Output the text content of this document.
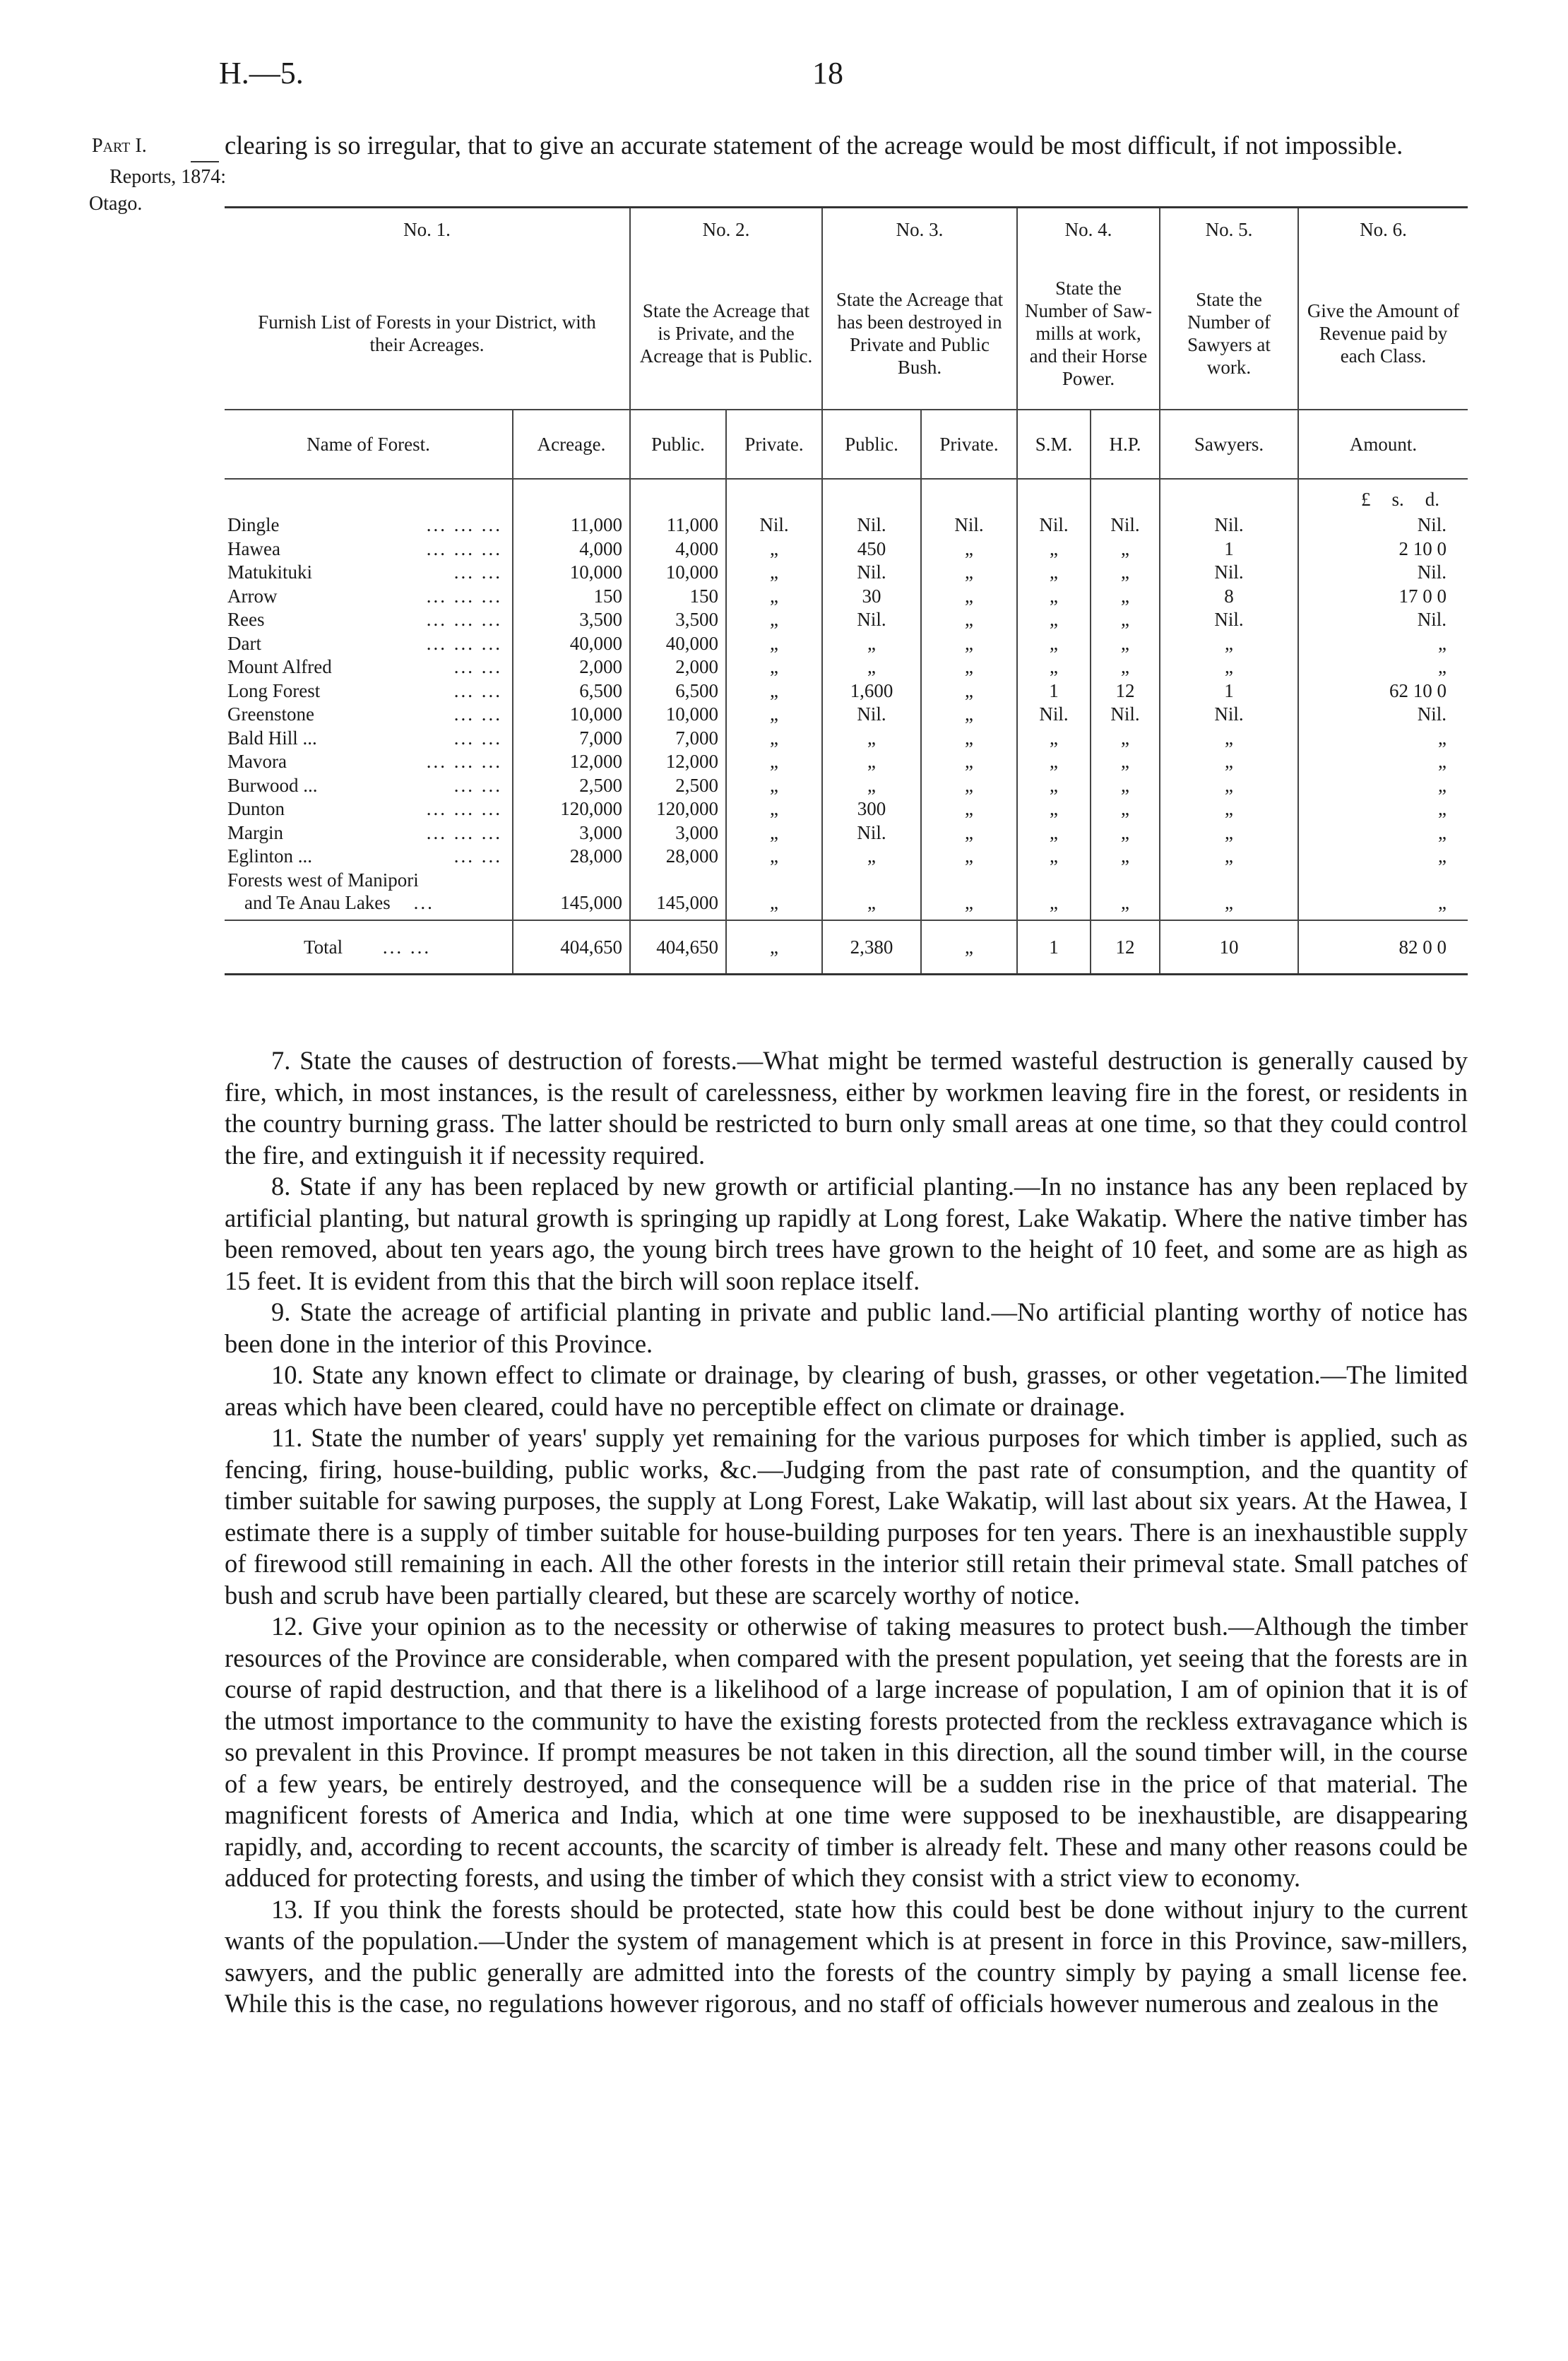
H.—5.	18
Part I.
Reports, 1874:
Otago.

clearing is so irregular, that to give an accurate statement of the acreage would be most difficult, if not impossible.

No. 1.		No. 2.		No. 3.		No. 4.		No. 5.	No. 6.
Furnish List of Forests in your District, with their Acreages.		State the Acreage that is Private, and the Acreage that is Public.		State the Acreage that has been destroyed in Private and Public Bush.		State the Number of Saw-mills at work, and their Horse Power.		State the Number of Sawyers at work.	Give the Amount of Revenue paid by each Class.
Name of Forest.	Acreage.	Public.	Private.	Public.	Private.	S.M.	H.P.	Sawyers.	Amount.

									£ s. d.

Dingle ... ... ...	11,000	11,000	Nil.	Nil.	Nil.	Nil.	Nil.	Nil.	Nil.
Hawea ... ... ...	4,000	4,000	„	450	„	„	„	1	2 10 0
Matukituki ... ...	10,000	10,000	„	Nil.	„	„	„	Nil.	Nil.
Arrow ... ... ...	150	150	„	30	„	„	„	8	17 0 0
Rees ... ... ...	3,500	3,500	„	Nil.	„	„	„	Nil.	Nil.
Dart ... ... ...	40,000	40,000	„	„	„	„	„	„	„
Mount Alfred ... ...	2,000	2,000	„	„	„	„	„	„	„
Long Forest ... ...	6,500	6,500	„	1,600	„	1	12	1	62 10 0
Greenstone ... ...	10,000	10,000	„	Nil.	„	Nil.	Nil.	Nil.	Nil.
Bald Hill ... ... ...	7,000	7,000	„	„	„	„	„	„	„
Mavora ... ... ...	12,000	12,000	„	„	„	„	„	„	„
Burwood ... ... ...	2,500	2,500	„	„	„	„	„	„	„
Dunton ... ... ...	120,000	120,000	„	300	„	„	„	„	„
Margin ... ... ...	3,000	3,000	„	Nil.	„	„	„	„	„
Eglinton ... ... ...	28,000	28,000	„	„	„	„	„	„	„
Forests west of Manipori
and Te Anau Lakes ...	145,000	145,000	„	„	„	„	„	„	„
Total ... ...	404,650	404,650	„	2,380	„	1	12	10	82 0 0

7. State the causes of destruction of forests.—What might be termed wasteful destruction is generally caused by fire, which, in most instances, is the result of carelessness, either by workmen leaving fire in the forest, or residents in the country burning grass. The latter should be restricted to burn only small areas at one time, so that they could control the fire, and extinguish it if necessity required.

8. State if any has been replaced by new growth or artificial planting.—In no instance has any been replaced by artificial planting, but natural growth is springing up rapidly at Long forest, Lake Wakatip. Where the native timber has been removed, about ten years ago, the young birch trees have grown to the height of 10 feet, and some are as high as 15 feet. It is evident from this that the birch will soon replace itself.

9. State the acreage of artificial planting in private and public land.—No artificial planting worthy of notice has been done in the interior of this Province.

10. State any known effect to climate or drainage, by clearing of bush, grasses, or other vegetation.—The limited areas which have been cleared, could have no perceptible effect on climate or drainage.

11. State the number of years' supply yet remaining for the various purposes for which timber is applied, such as fencing, firing, house-building, public works, &c.—Judging from the past rate of consumption, and the quantity of timber suitable for sawing purposes, the supply at Long Forest, Lake Wakatip, will last about six years. At the Hawea, I estimate there is a supply of timber suitable for house-building purposes for ten years. There is an inexhaustible supply of firewood still remaining in each. All the other forests in the interior still retain their primeval state. Small patches of bush and scrub have been partially cleared, but these are scarcely worthy of notice.

12. Give your opinion as to the necessity or otherwise of taking measures to protect bush.—Although the timber resources of the Province are considerable, when compared with the present population, yet seeing that the forests are in course of rapid destruction, and that there is a likelihood of a large increase of population, I am of opinion that it is of the utmost importance to the community to have the existing forests protected from the reckless extravagance which is so prevalent in this Province. If prompt measures be not taken in this direction, all the sound timber will, in the course of a few years, be entirely destroyed, and the consequence will be a sudden rise in the price of that material. The magnificent forests of America and India, which at one time were supposed to be inexhaustible, are disappearing rapidly, and, according to recent accounts, the scarcity of timber is already felt. These and many other reasons could be adduced for protecting forests, and using the timber of which they consist with a strict view to economy.

13. If you think the forests should be protected, state how this could best be done without injury to the current wants of the population.—Under the system of management which is at present in force in this Province, saw-millers, sawyers, and the public generally are admitted into the forests of the country simply by paying a small license fee. While this is the case, no regulations however rigorous, and no staff of officials however numerous and zealous in the
